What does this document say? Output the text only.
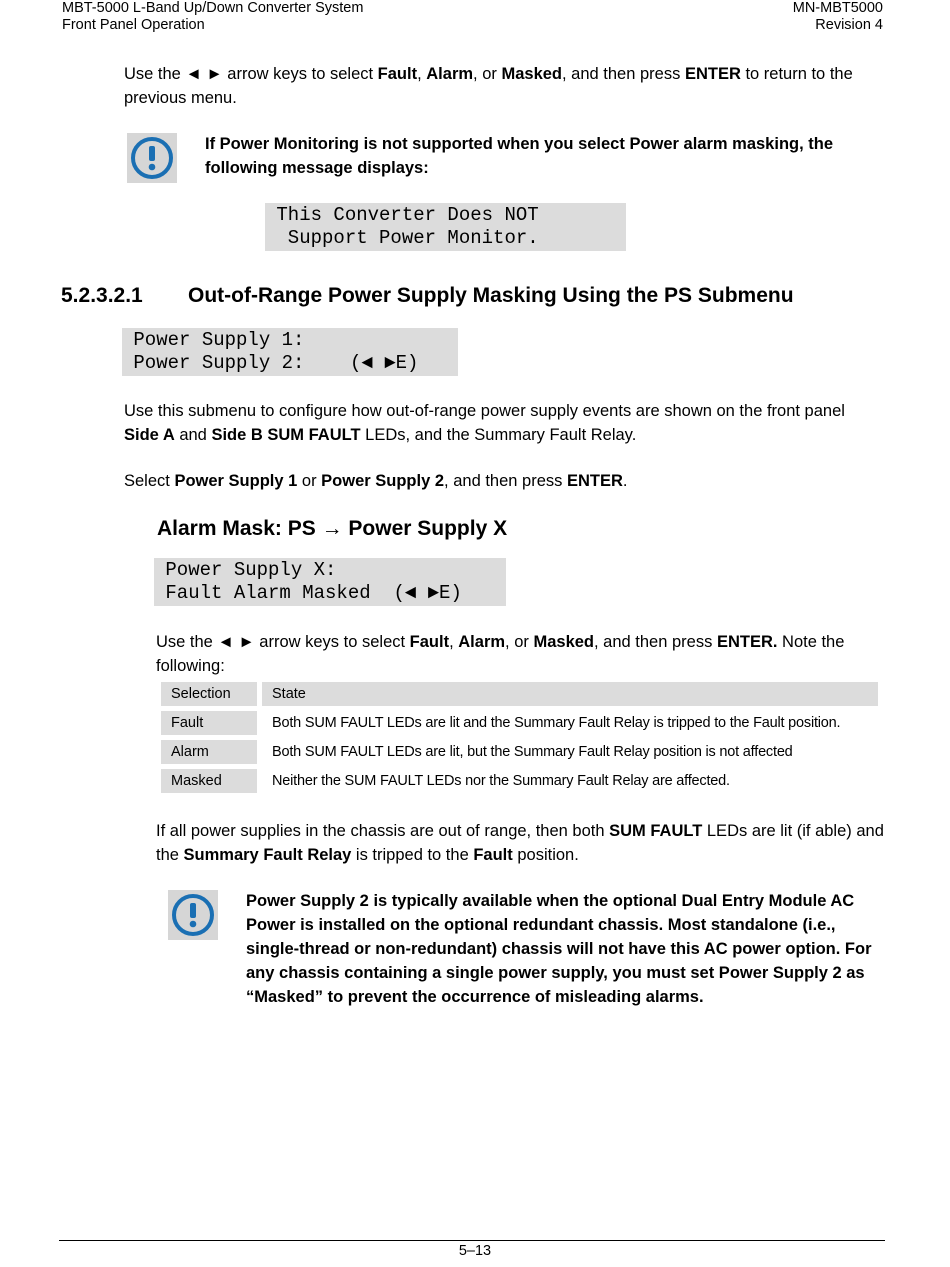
MBT-5000 L-Band Up/Down Converter System
Front Panel Operation
MN-MBT5000
Revision 4
Use the ◄ ► arrow keys to select Fault, Alarm, or Masked, and then press ENTER to return to the previous menu.
If Power Monitoring is not supported when you select Power alarm masking, the following message displays:
This Converter Does NOT
Support Power Monitor.
5.2.3.2.1 Out-of-Range Power Supply Masking Using the PS Submenu
Power Supply 1:
Power Supply 2:    (◄ ►E)
Use this submenu to configure how out-of-range power supply events are shown on the front panel Side A and Side B SUM FAULT LEDs, and the Summary Fault Relay.
Select Power Supply 1 or Power Supply 2, and then press ENTER.
Alarm Mask: PS → Power Supply X
Power Supply X:
Fault Alarm Masked  (◄ ►E)
Use the ◄ ► arrow keys to select Fault, Alarm, or Masked, and then press ENTER. Note the following:
Selection	State
Fault	Both SUM FAULT LEDs are lit and the Summary Fault Relay is tripped to the Fault position.
Alarm	Both SUM FAULT LEDs are lit, but the Summary Fault Relay position is not affected
Masked	Neither the SUM FAULT LEDs nor the Summary Fault Relay are affected.
If all power supplies in the chassis are out of range, then both SUM FAULT LEDs are lit (if able) and the Summary Fault Relay is tripped to the Fault position.
Power Supply 2 is typically available when the optional Dual Entry Module AC Power is installed on the optional redundant chassis. Most standalone (i.e., single-thread or non-redundant) chassis will not have this AC power option. For any chassis containing a single power supply, you must set Power Supply 2 as “Masked” to prevent the occurrence of misleading alarms.
5–13
